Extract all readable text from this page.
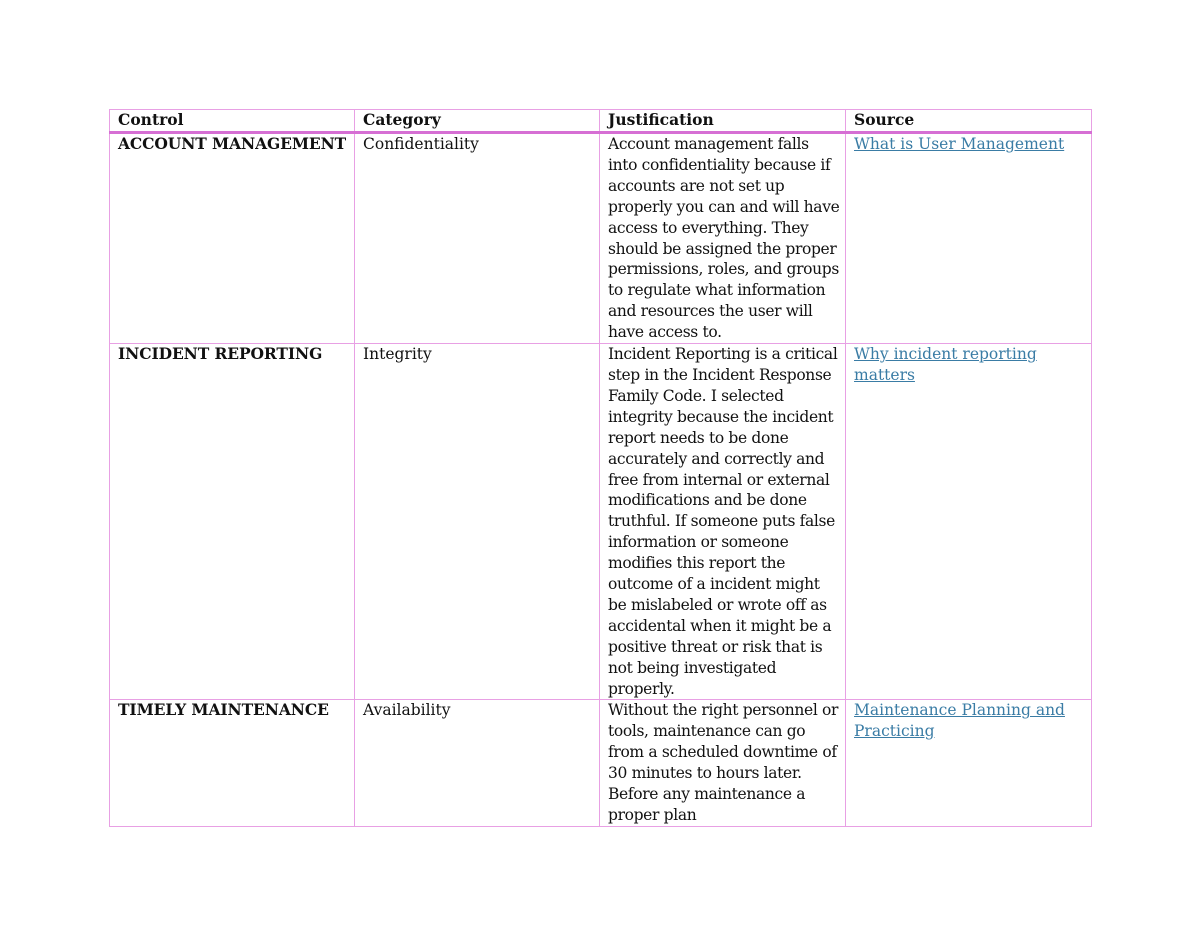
Control	Category	Justification	Source
ACCOUNT MANAGEMENT	Confidentiality	Account management falls into confidentiality because if accounts are not set up properly you can and will have access to everything. They should be assigned the proper permissions, roles, and groups to regulate what information and resources the user will have access to.	What is User Management
INCIDENT REPORTING	Integrity	Incident Reporting is a critical step in the Incident Response Family Code. I selected integrity because the incident report needs to be done accurately and correctly and free from internal or external modifications and be done truthful. If someone puts false information or someone modifies this report the outcome of a incident might be mislabeled or wrote off as accidental when it might be a positive threat or risk that is not being investigated properly.	Why incident reporting matters
TIMELY MAINTENANCE	Availability	Without the right personnel or tools, maintenance can go from a scheduled downtime of 30 minutes to hours later. Before any maintenance a proper plan	Maintenance Planning and Practicing
